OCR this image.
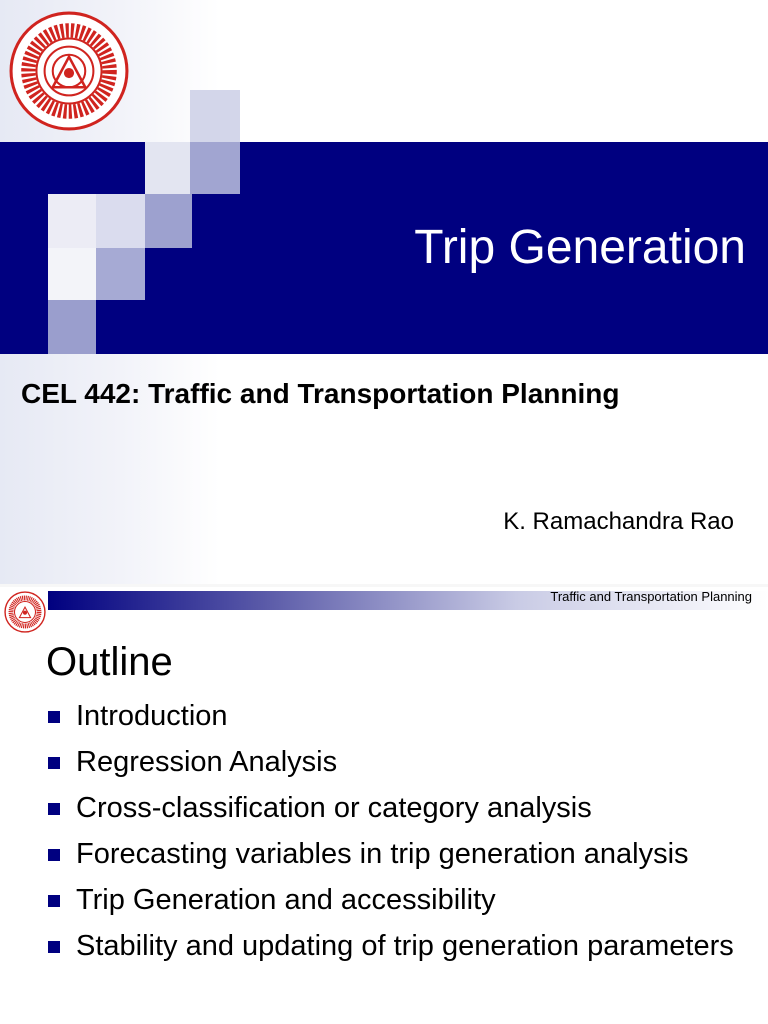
Trip Generation
CEL 442: Traffic and Transportation Planning
K. Ramachandra Rao
Traffic and Transportation Planning
Outline
Introduction
Regression Analysis
Cross-classification or category analysis
Forecasting variables in trip generation analysis
Trip Generation and accessibility
Stability and updating of trip generation parameters
